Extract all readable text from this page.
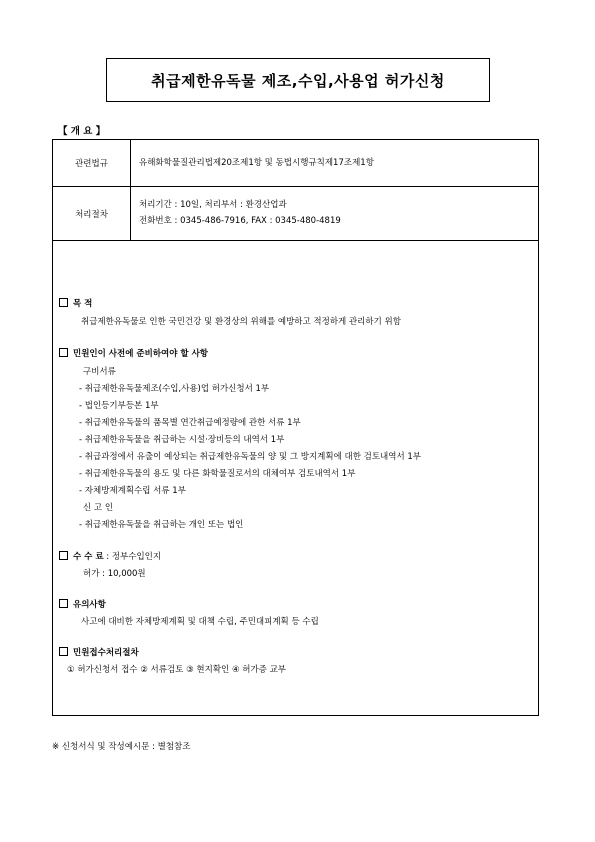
취급제한유독물 제조,수입,사용업 허가신청
【 개 요 】
관련법규	유해화학물질관리법제20조제1항 및 동법시행규칙제17조제1항
처리절차
처리기간 : 10일, 처리부서 : 환경산업과
전화번호 : 0345-486-7916, FAX : 0345-480-4819
목 적
취급제한유독물로 인한 국민건강 및 환경상의 위해를 예방하고 적정하게 관리하기 위함
민원인이 사전에 준비하여야 할 사항
구비서류
- 취급제한유독물제조(수입,사용)업 허가신청서 1부
- 법인등기부등본 1부
- 취급제한유독물의 품목별 연간취급예정량에 관한 서류 1부
- 취급제한유독물을 취급하는 시설·장비등의 내역서 1부
- 취급과정에서 유출이 예상되는 취급제한유독물의 양 및 그 방지계획에 대한 검토내역서 1부
- 취급제한유독물의 용도 및 다른 화학물질로서의 대체여부 검토내역서 1부
- 자체방제계획수립 서류 1부
신 고 인
- 취급제한유독물을 취급하는 개인 또는 법인
수 수 료 : 정부수입인지
허가 : 10,000원
유의사항
사고에 대비한 자체방제계획 및 대책 수립, 주민대피계획 등 수립
민원접수처리절차
① 허가신청서 접수 ② 서류검토 ③ 현지확인 ④ 허가증 교부
※ 신청서식 및 작성예시문 : 별첨참조
